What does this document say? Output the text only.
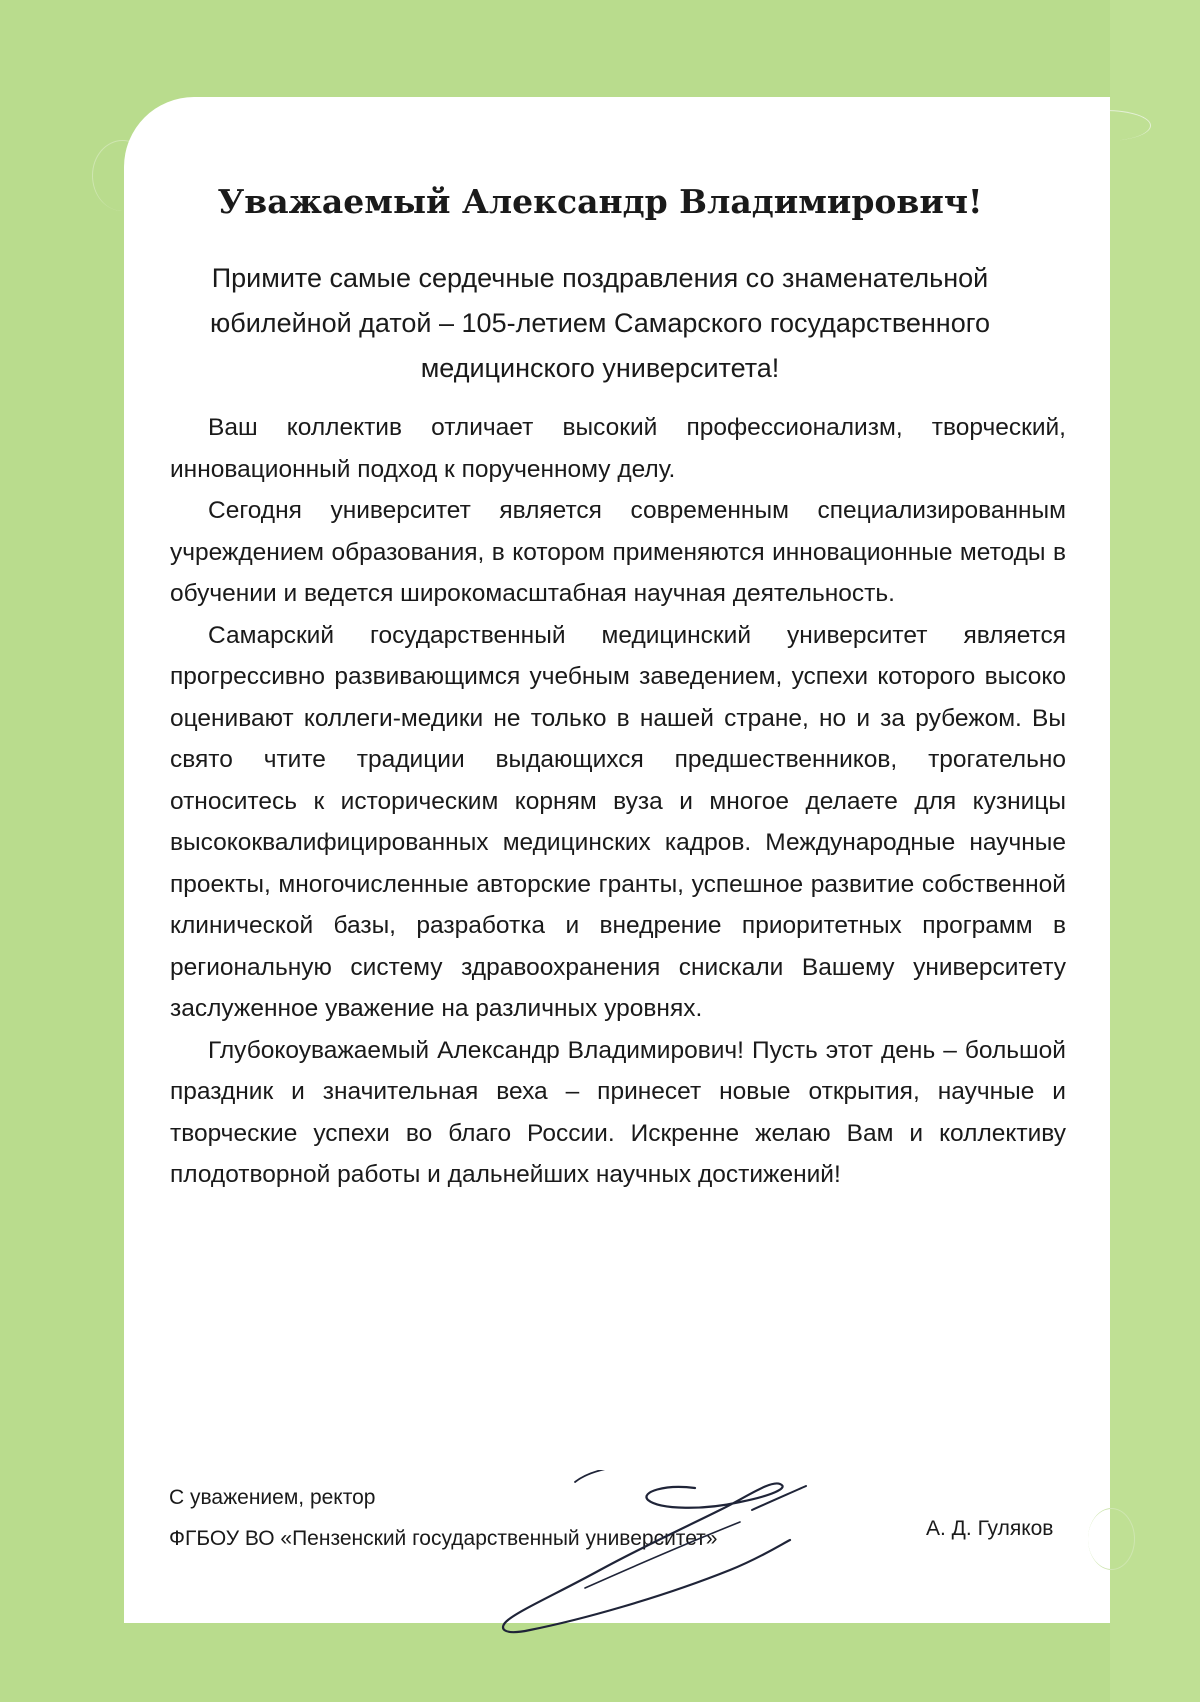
Уважаемый Александр Владимирович!

Примите самые сердечные поздравления со знаменательной юбилейной датой – 105-летием Самарского государственного медицинского университета!

Ваш коллектив отличает высокий профессионализм, творческий, инновационный подход к порученному делу.

Сегодня университет является современным специализированным учреждением образования, в котором применяются инновационные методы в обучении и ведется широкомасштабная научная деятельность.

Самарский государственный медицинский университет является прогрессивно развивающимся учебным заведением, успехи которого высоко оценивают коллеги-медики не только в нашей стране, но и за рубежом. Вы свято чтите традиции выдающихся предшественников, трогательно относитесь к историческим корням вуза и многое делаете для кузницы высококвалифицированных медицинских кадров. Международные научные проекты, многочисленные авторские гранты, успешное развитие собственной клинической базы, разработка и внедрение приоритетных программ в региональную систему здравоохранения снискали Вашему университету заслуженное уважение на различных уровнях.

Глубокоуважаемый Александр Владимирович! Пусть этот день – большой праздник и значительная веха – принесет новые открытия, научные и творческие успехи во благо России. Искренне желаю Вам и коллективу плодотворной работы и дальнейших научных достижений!

С уважением, ректор
ФГБОУ ВО «Пензенский государственный университет»	А. Д. Гуляков
